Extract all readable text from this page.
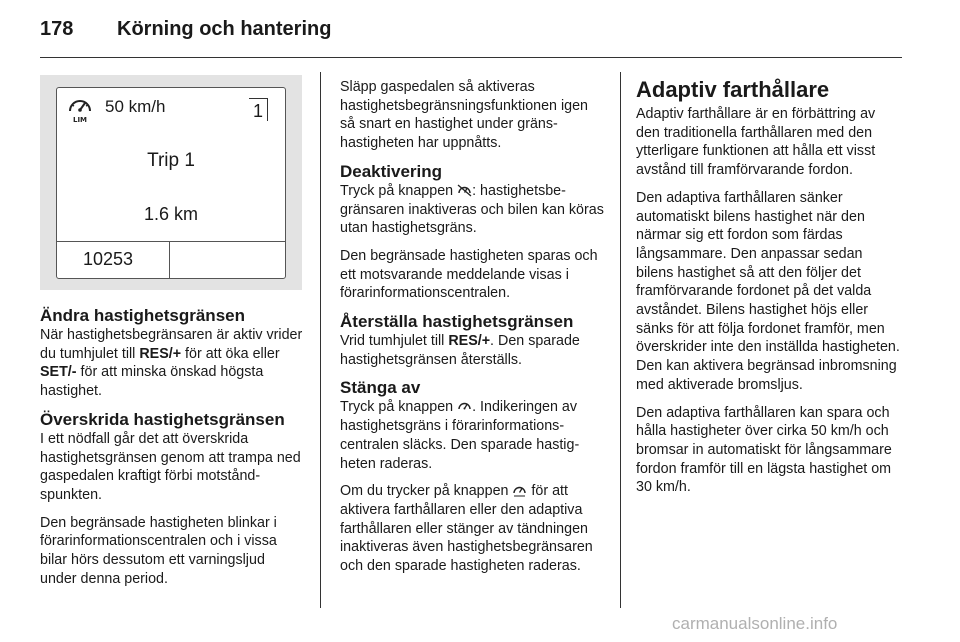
178 Körning och hantering
LIM
50 km/h	1
Trip 1
1.6 km
10253
Ändra hastighetsgränsen

När hastighetsbegränsaren är aktiv vrider du tumhjulet till RES/+ för att öka eller SET/- för att minska önskad högsta hastighet.

Överskrida hastighetsgränsen

I ett nödfall går det att överskrida hastighetsgränsen genom att trampa ned gaspedalen kraftigt förbi motståndspunkten.

Den begränsade hastigheten blinkar i förarinformationscentralen och i vissa bilar hörs dessutom ett varningsljud under denna period.

Släpp gaspedalen så aktiveras hastighetsbegränsningsfunktionen igen så snart en hastighet under gränshastigheten har uppnåtts.

Deaktivering

Tryck på knappen : hastighetsbegränsaren inaktiveras och bilen kan köras utan hastighetsgräns.

Den begränsade hastigheten sparas och ett motsvarande meddelande visas i förarinformationscentralen.

Återställa hastighetsgränsen

Vrid tumhjulet till RES/+. Den sparade hastighetsgränsen återställs.

Stänga av

Tryck på knappen . Indikeringen av hastighetsgräns i förarinformationscentralen släcks. Den sparade hastigheten raderas.

Om du trycker på knappen  för att aktivera farthållaren eller den adaptiva farthållaren eller stänger av tändningen inaktiveras även hastighetsbegränsaren och den sparade hastigheten raderas.

Adaptiv farthållare

Adaptiv farthållare är en förbättring av den traditionella farthållaren med den ytterligare funktionen att hålla ett visst avstånd till framförvarande fordon.

Den adaptiva farthållaren sänker automatiskt bilens hastighet när den närmar sig ett fordon som färdas långsammare. Den anpassar sedan bilens hastighet så att den följer det framförvarande fordonet på det valda avståndet. Bilens hastighet höjs eller sänks för att följa fordonet framför, men överskrider inte den inställda hastigheten. Den kan aktivera begränsad inbromsning med aktiverade bromsljus.

Den adaptiva farthållaren kan spara och hålla hastigheter över cirka 50 km/h och bromsar in automatiskt för långsammare fordon framför till en lägsta hastighet om 30 km/h.

carmanualsonline.info
